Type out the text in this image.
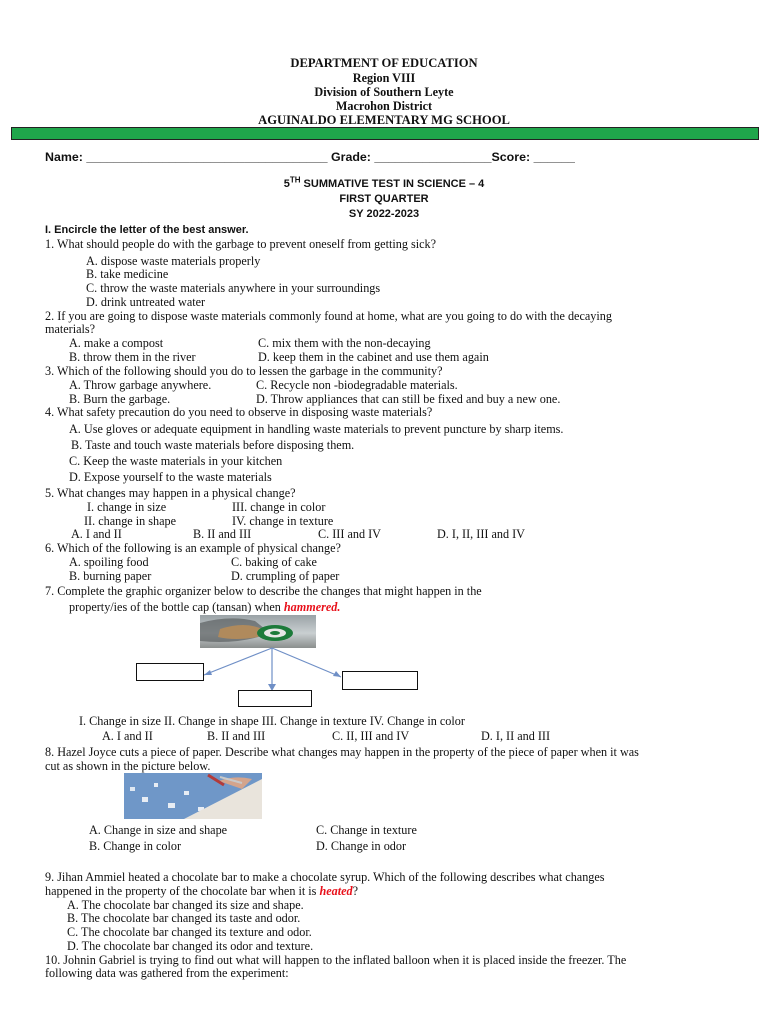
DEPARTMENT OF EDUCATION
Region VIII
Division of Southern Leyte
Macrohon District
AGUINALDO ELEMENTARY MG SCHOOL
Name: ___________________________________ Grade: _________________Score: ______
5TH SUMMATIVE TEST IN SCIENCE – 4
FIRST QUARTER
SY 2022-2023
I. Encircle the letter of the best answer.
1. What should people do with the garbage to prevent oneself from getting sick?
A. dispose waste materials properly
B. take medicine
C. throw the waste materials anywhere in your surroundings
D. drink untreated water
2. If you are going to dispose waste materials commonly found at home, what are you going to do with the decaying
materials?
A. make a compost	C. mix them with the non-decaying
B. throw them in the river	D. keep them in the cabinet and use them again
3. Which of the following should you do to lessen the garbage in the community?
A. Throw garbage anywhere.	C. Recycle non -biodegradable materials.
B. Burn the garbage.	D. Throw appliances that can still be fixed and buy a new one.
4. What safety precaution do you need to observe in disposing waste materials?
A. Use gloves or adequate equipment in handling waste materials to prevent puncture by sharp items.
B. Taste and touch waste materials before disposing them.
C. Keep the waste materials in your kitchen
D. Expose yourself to the waste materials
5. What changes may happen in a physical change?
I. change in size	III. change in color
II. change in shape	IV. change in texture
A. I and II	B. II and III	C. III and IV	D. I, II, III and IV
6. Which of the following is an example of physical change?
A. spoiling food	C. baking of cake
B. burning paper	D. crumpling of paper
7. Complete the graphic organizer below to describe the changes that might happen in the
property/ies of the bottle cap (tansan) when hammered.
I. Change in size II. Change in shape III. Change in texture IV. Change in color
A. I and II	B. II and III	C. II, III and IV	D. I, II and III
8. Hazel Joyce cuts a piece of paper. Describe what changes may happen in the property of the piece of paper when it was
cut as shown in the picture below.
A. Change in size and shape	C. Change in texture
B. Change in color	D. Change in odor
9. Jihan Ammiel heated a chocolate bar to make a chocolate syrup. Which of the following describes what changes
happened in the property of the chocolate bar when it is heated?
A. The chocolate bar changed its size and shape.
B. The chocolate bar changed its taste and odor.
C. The chocolate bar changed its texture and odor.
D. The chocolate bar changed its odor and texture.
10. Johnin Gabriel is trying to find out what will happen to the inflated balloon when it is placed inside the freezer. The
following data was gathered from the experiment:
